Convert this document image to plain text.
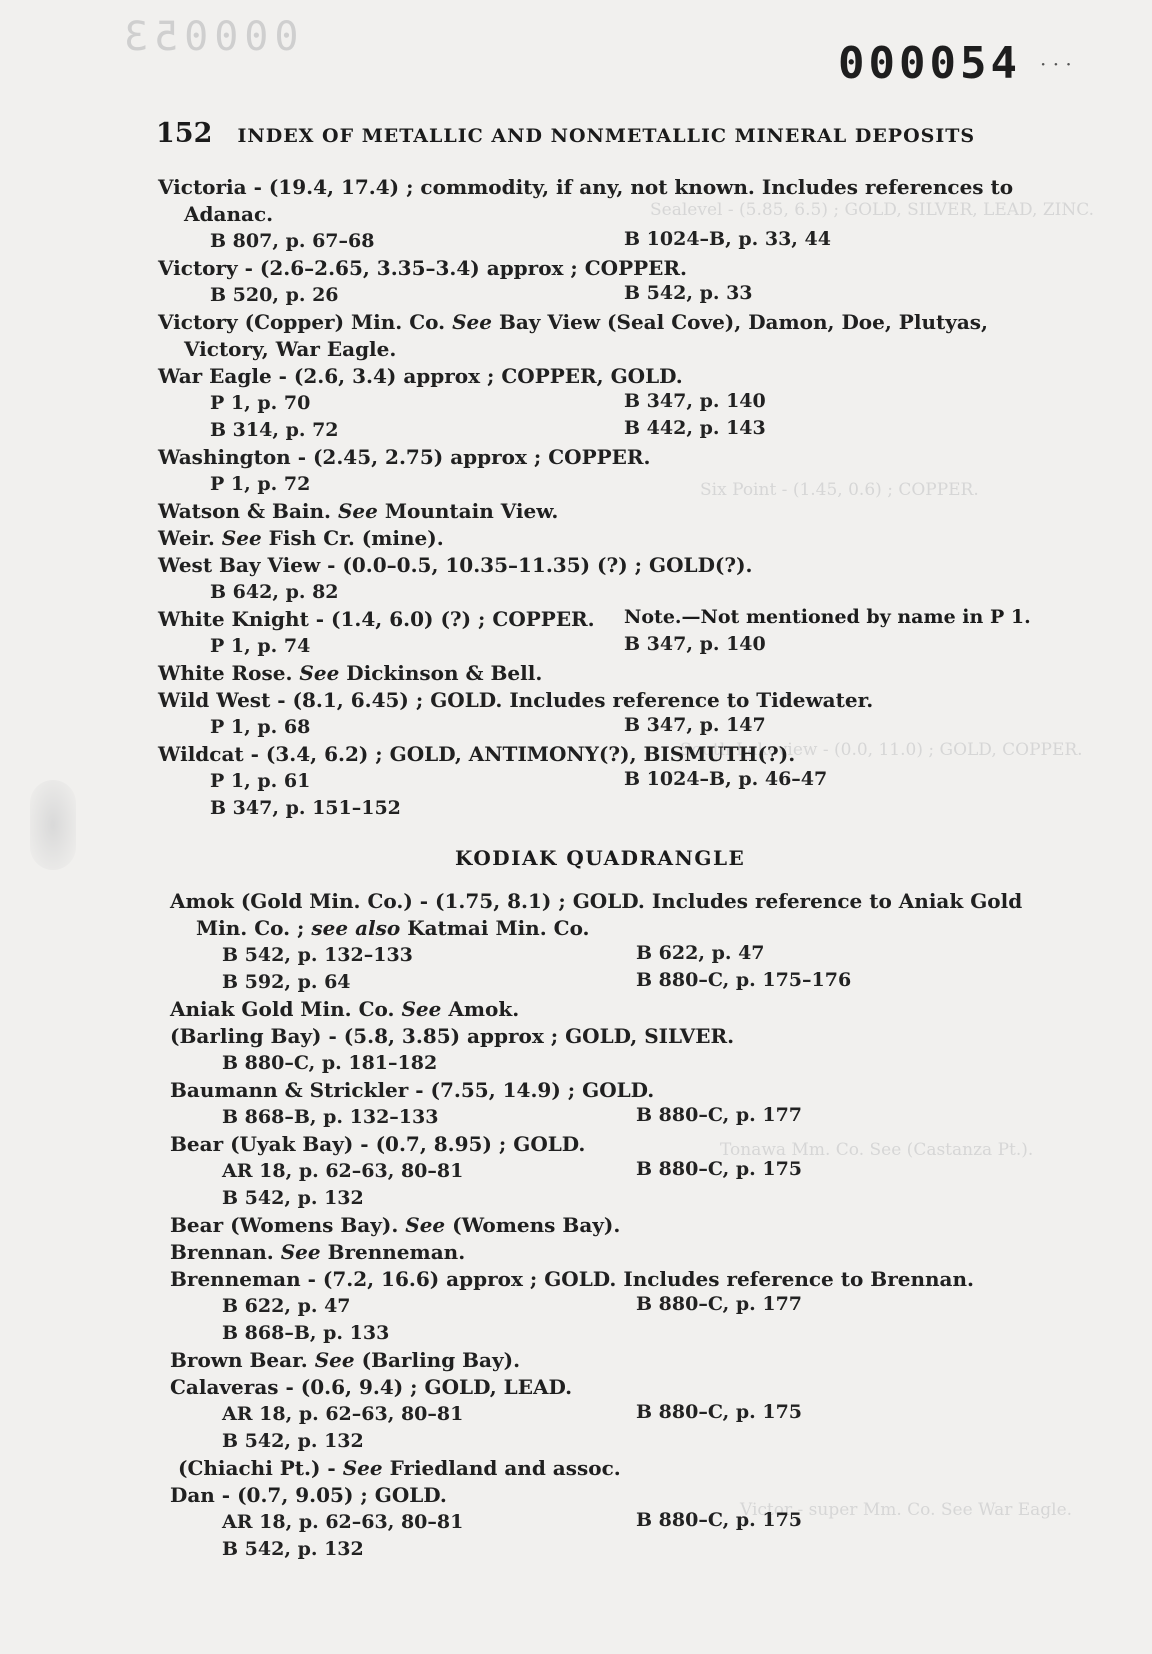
Sealevel - (5.85, 6.5) ; GOLD, SILVER, LEAD, ZINC.
Six Point - (1.45, 0.6) ; COPPER.
South Lakeview - (0.0, 11.0) ; GOLD, COPPER.
Tonawa Mm. Co. See (Castanza Pt.).
Victor - super Mm. Co. See War Eagle.
000053
000054 · · ·
152 INDEX OF METALLIC AND NONMETALLIC MINERAL DEPOSITS
Victoria - (19.4, 17.4) ; commodity, if any, not known. Includes references to
Adanac.
B 807, p. 67–68	B 1024–B, p. 33, 44
Victory - (2.6–2.65, 3.35–3.4) approx ; COPPER.
B 520, p. 26	B 542, p. 33
Victory (Copper) Min. Co. See Bay View (Seal Cove), Damon, Doe, Plutyas,
Victory, War Eagle.
War Eagle - (2.6, 3.4) approx ; COPPER, GOLD.
P 1, p. 70	B 347, p. 140
B 314, p. 72	B 442, p. 143
Washington - (2.45, 2.75) approx ; COPPER.
P 1, p. 72
Watson & Bain. See Mountain View.
Weir. See Fish Cr. (mine).
West Bay View - (0.0–0.5, 10.35–11.35) (?) ; GOLD(?).
B 642, p. 82
White Knight - (1.4, 6.0) (?) ; COPPER.	Note.—Not mentioned by name in P 1.
P 1, p. 74	B 347, p. 140
White Rose. See Dickinson & Bell.
Wild West - (8.1, 6.45) ; GOLD. Includes reference to Tidewater.
P 1, p. 68	B 347, p. 147
Wildcat - (3.4, 6.2) ; GOLD, ANTIMONY(?), BISMUTH(?).
P 1, p. 61	B 1024–B, p. 46–47
B 347, p. 151–152
KODIAK QUADRANGLE
Amok (Gold Min. Co.) - (1.75, 8.1) ; GOLD. Includes reference to Aniak Gold
Min. Co. ; see also Katmai Min. Co.
B 542, p. 132–133	B 622, p. 47
B 592, p. 64	B 880–C, p. 175–176
Aniak Gold Min. Co. See Amok.
(Barling Bay) - (5.8, 3.85) approx ; GOLD, SILVER.
B 880–C, p. 181–182
Baumann & Strickler - (7.55, 14.9) ; GOLD.
B 868–B, p. 132–133	B 880–C, p. 177
Bear (Uyak Bay) - (0.7, 8.95) ; GOLD.
AR 18, p. 62–63, 80–81	B 880–C, p. 175
B 542, p. 132
Bear (Womens Bay). See (Womens Bay).
Brennan. See Brenneman.
Brenneman - (7.2, 16.6) approx ; GOLD. Includes reference to Brennan.
B 622, p. 47	B 880–C, p. 177
B 868–B, p. 133
Brown Bear. See (Barling Bay).
Calaveras - (0.6, 9.4) ; GOLD, LEAD.
AR 18, p. 62–63, 80–81	B 880–C, p. 175
B 542, p. 132
(Chiachi Pt.) - See Friedland and assoc.
Dan - (0.7, 9.05) ; GOLD.
AR 18, p. 62–63, 80–81	B 880–C, p. 175
B 542, p. 132
